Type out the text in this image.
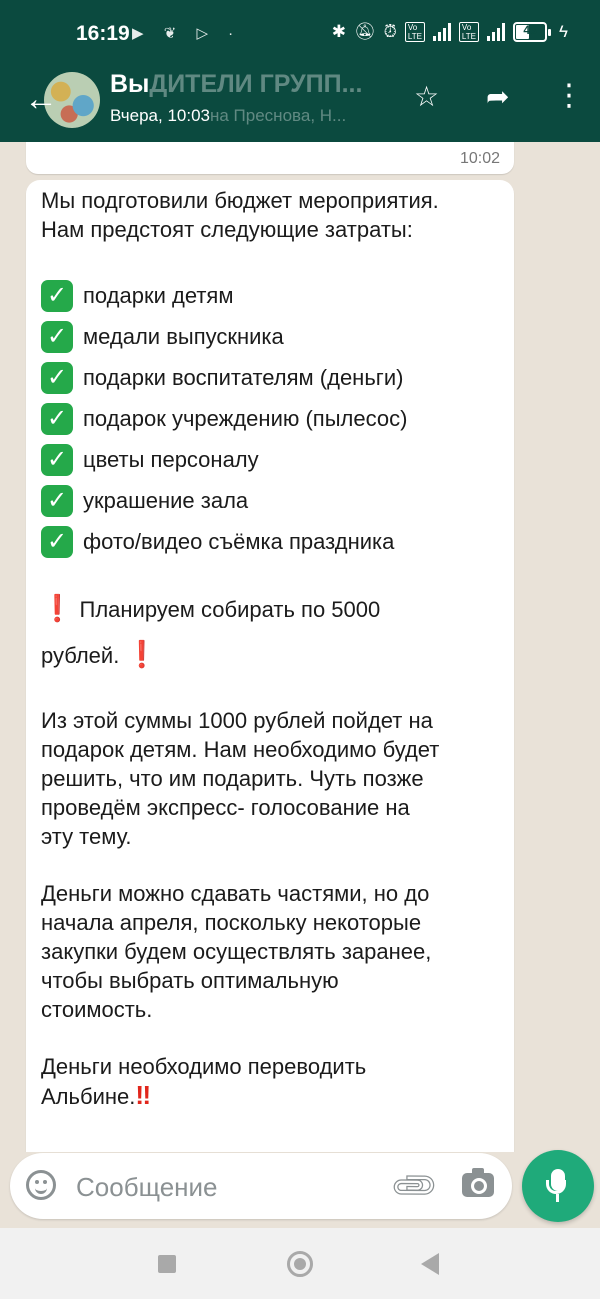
16:19 ▶ ❦ ▷ ·	✱ 🔕︎ ⏰︎	Vo
LTE
Vo
LTE	43	ϟ
← ВыДИТЕЛИ ГРУПП...
Вчера, 10:03на Преснова, Н...
☆ ➦ ⋮
10:02

Мы подготовили бюджет мероприятия.
Нам предстоят следующие затраты:

✓ подарки детям
✓ медали выпускника
✓ подарки воспитателям (деньги)
✓ подарок учреждению (пылесос)
✓ цветы персоналу
✓ украшение зала
✓ фото/видео съёмка праздника
❗ Планируем собирать по 5000
рублей. ❗

Из этой суммы 1000 рублей пойдет на
подарок детям. Нам необходимо будет
решить, что им подарить. Чуть позже
проведём экспресс- голосование на
эту тему.

Деньги можно сдавать частями, но до
начала апреля, поскольку некоторые
закупки будем осуществлять заранее,
чтобы выбрать оптимальную
стоимость.

Деньги необходимо переводить
Альбине.‼

Сообщение
📎︎
